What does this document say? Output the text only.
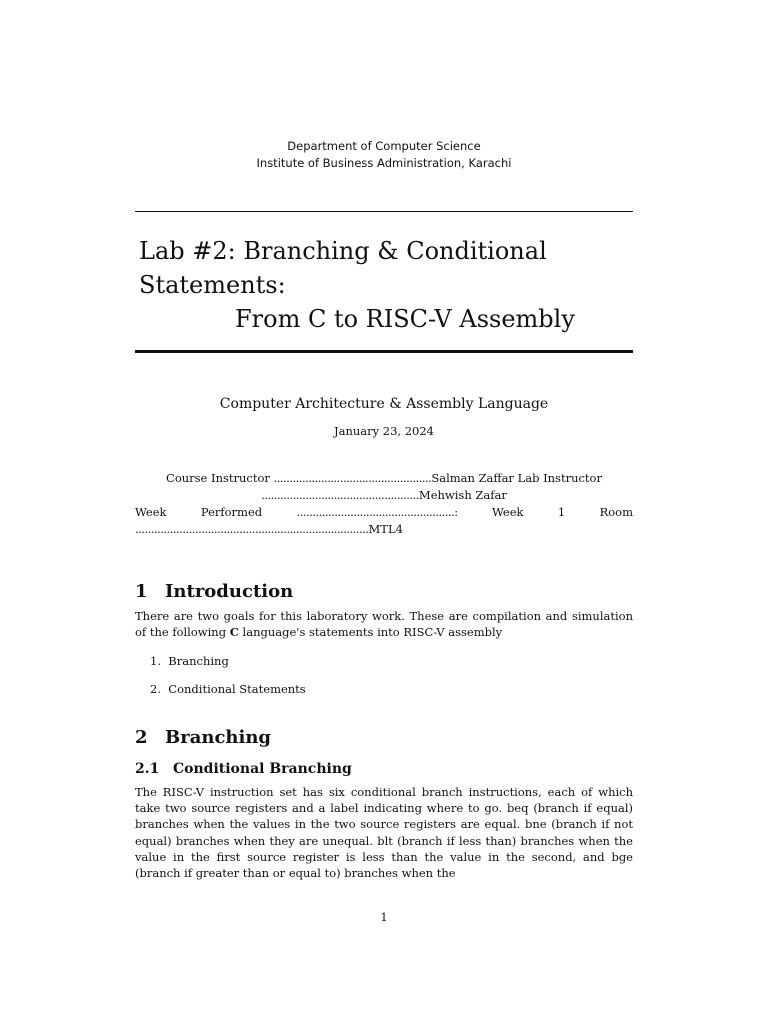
Department of Computer Science
Institute of Business Administration, Karachi
Lab #2: Branching & Conditional
Statements:
From C to RISC-V Assembly
Computer Architecture & Assembly Language
January 23, 2024
Course Instructor ..................................................Salman Zaffar Lab Instructor
..................................................Mehwish Zafar
Week	Performed	..................................................:	Week	1	Room
..........................................................................MTL4
1 Introduction

There are two goals for this laboratory work. These are compilation and simulation of the following C language's statements into RISC-V assembly

1. Branching
2. Conditional Statements
2 Branching
2.1 Conditional Branching

The RISC-V instruction set has six conditional branch instructions, each of which take two source registers and a label indicating where to go. beq (branch if equal) branches when the values in the two source registers are equal. bne (branch if not equal) branches when they are unequal. blt (branch if less than) branches when the value in the first source register is less than the value in the second, and bge (branch if greater than or equal to) branches when the

1
